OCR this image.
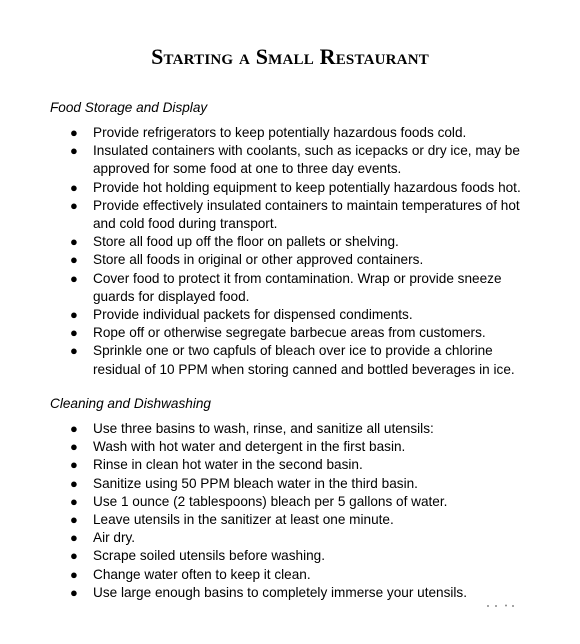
Starting a Small Restaurant
Food Storage and Display
● Provide refrigerators to keep potentially hazardous foods cold.
● Insulated containers with coolants, such as icepacks or dry ice, may be approved for some food at one to three day events.
● Provide hot holding equipment to keep potentially hazardous foods hot.
● Provide effectively insulated containers to maintain temperatures of hot and cold food during transport.
● Store all food up off the floor on pallets or shelving.
● Store all foods in original or other approved containers.
● Cover food to protect it from contamination. Wrap or provide sneeze guards for displayed food.
● Provide individual packets for dispensed condiments.
● Rope off or otherwise segregate barbecue areas from customers.
● Sprinkle one or two capfuls of bleach over ice to provide a chlorine residual of 10 PPM when storing canned and bottled beverages in ice.
Cleaning and Dishwashing
● Use three basins to wash, rinse, and sanitize all utensils:
● Wash with hot water and detergent in the first basin.
● Rinse in clean hot water in the second basin.
● Sanitize using 50 PPM bleach water in the third basin.
● Use 1 ounce (2 tablespoons) bleach per 5 gallons of water.
● Leave utensils in the sanitizer at least one minute.
● Air dry.
● Scrape soiled utensils before washing.
● Change water often to keep it clean.
● Use large enough basins to completely immerse your utensils.
